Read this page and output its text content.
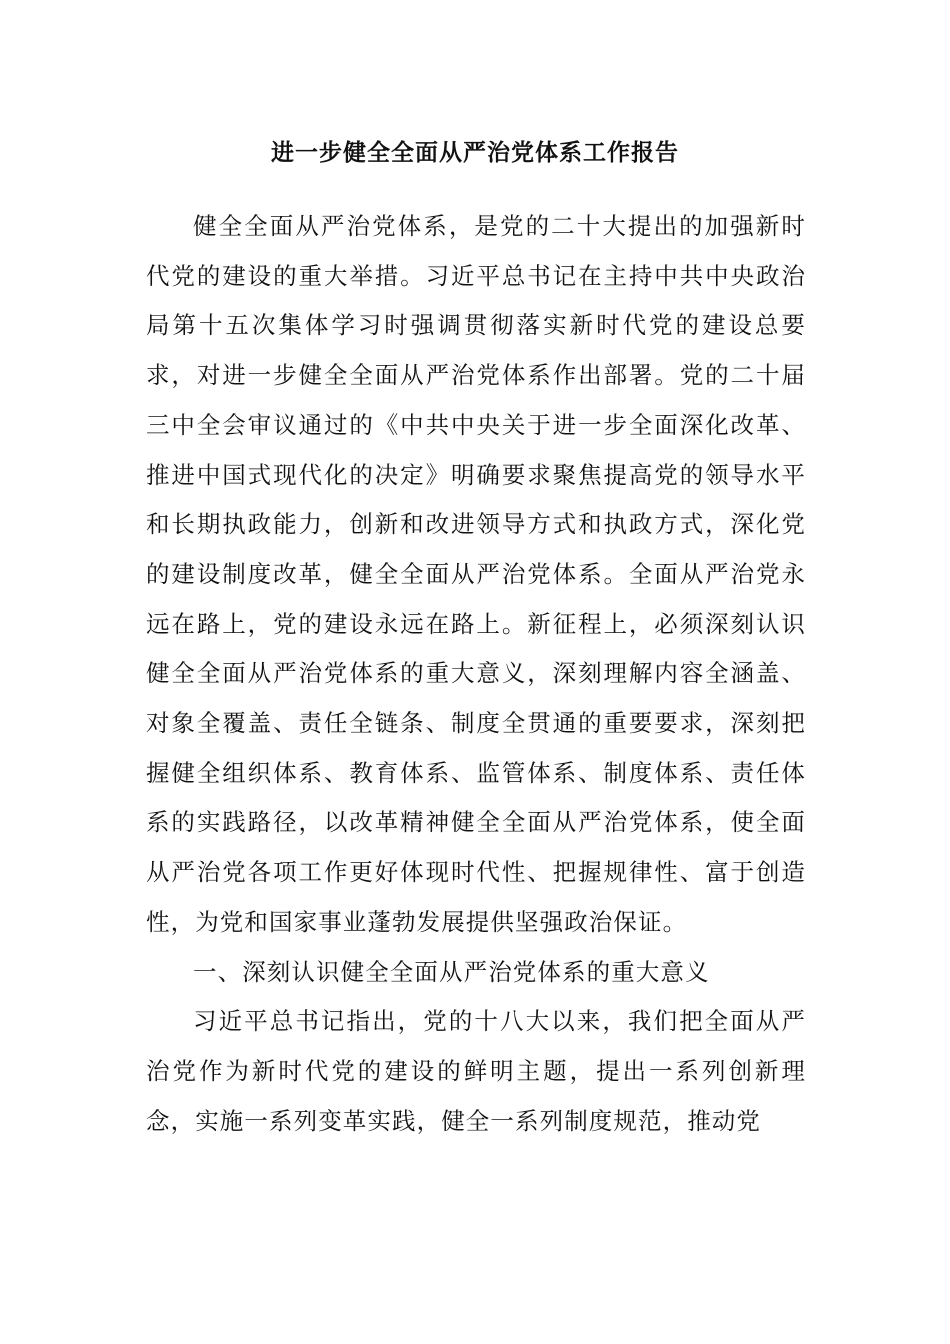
进一步健全全面从严治党体系工作报告

健全全面从严治党体系，是党的二十大提出的加强新时代党的建设的重大举措。习近平总书记在主持中共中央政治局第十五次集体学习时强调贯彻落实新时代党的建设总要求，对进一步健全全面从严治党体系作出部署。党的二十届三中全会审议通过的《中共中央关于进一步全面深化改革、推进中国式现代化的决定》明确要求聚焦提高党的领导水平和长期执政能力，创新和改进领导方式和执政方式，深化党的建设制度改革，健全全面从严治党体系。全面从严治党永远在路上，党的建设永远在路上。新征程上，必须深刻认识健全全面从严治党体系的重大意义，深刻理解内容全涵盖、对象全覆盖、责任全链条、制度全贯通的重要要求，深刻把握健全组织体系、教育体系、监管体系、制度体系、责任体系的实践路径，以改革精神健全全面从严治党体系，使全面从严治党各项工作更好体现时代性、把握规律性、富于创造性，为党和国家事业蓬勃发展提供坚强政治保证。

一、深刻认识健全全面从严治党体系的重大意义

习近平总书记指出，党的十八大以来，我们把全面从严治党作为新时代党的建设的鲜明主题，提出一系列创新理念，实施一系列变革实践，健全一系列制度规范，推动党
